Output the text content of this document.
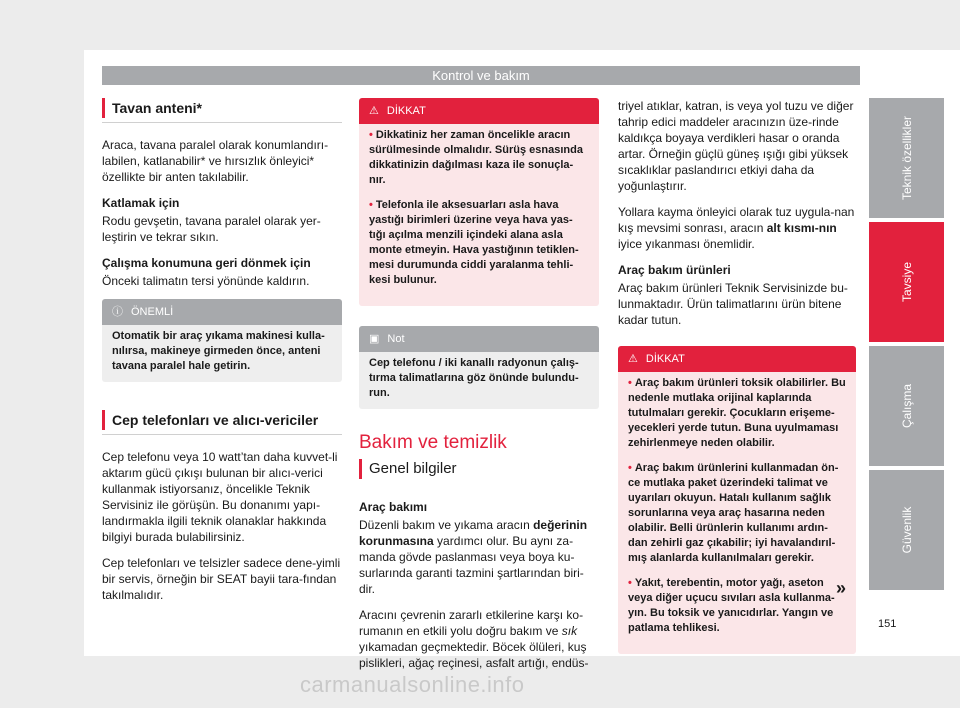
Kontrol ve bakım
Tavan anteni*

Araca, tavana paralel olarak konumlandırı-labilen, katlanabilir* ve hırsızlık önleyici* özellikte bir anten takılabilir.

Katlamak için

Rodu gevşetin, tavana paralel olarak yer-leştirin ve tekrar sıkın.

Çalışma konumuna geri dönmek için

Önceki talimatın tersi yönünde kaldırın.

ⓘ ÖNEMLİ
Otomatik bir araç yıkama makinesi kulla-nılırsa, makineye girmeden önce, anteni tavana paralel hale getirin.
Cep telefonları ve alıcı-vericiler

Cep telefonu veya 10 watt’tan daha kuvvet-li aktarım gücü çıkışı bulunan bir alıcı-verici kullanmak istiyorsanız, öncelikle Teknik Servisiniz ile görüşün. Bu donanımı yapı-landırmakla ilgili teknik olanaklar hakkında bilgiyi burada bulabilirsiniz.

Cep telefonları ve telsizler sadece dene-yimli bir servis, örneğin bir SEAT bayii tara-fından takılmalıdır.

⚠ DİKKAT

• Dikkatiniz her zaman öncelikle aracın sürülmesinde olmalıdır. Sürüş esnasında dikkatinizin dağılması kaza ile sonuçla-nır.

• Telefonla ile aksesuarları asla hava yastığı birimleri üzerine veya hava yas-tığı açılma menzili içindeki alana asla monte etmeyin. Hava yastığının tetiklen-mesi durumunda ciddi yaralanma tehli-kesi bulunur.

▣ Not
Cep telefonu / iki kanallı radyonun çalış-tırma talimatlarına göz önünde bulundu-run.
Bakım ve temizlik
Genel bilgiler

Araç bakımı

Düzenli bakım ve yıkama aracın değerinin korunmasına yardımcı olur. Bu aynı za-manda gövde paslanması veya boya ku-surlarında garanti tazmini şartlarından biri-dir.

Aracını çevrenin zararlı etkilerine karşı ko-rumanın en etkili yolu doğru bakım ve sık yıkamadan geçmektedir. Böcek ölüleri, kuş pislikleri, ağaç reçinesi, asfalt artığı, endüs-

triyel atıklar, katran, is veya yol tuzu ve diğer tahrip edici maddeler aracınızın üze-rinde kaldıkça boyaya verdikleri hasar o oranda artar. Örneğin güçlü güneş ışığı gibi yüksek sıcaklıklar paslandırıcı etkiyi daha da yoğunlaştırır.

Yollara kayma önleyici olarak tuz uygula-nan kış mevsimi sonrası, aracın alt kısmı-nın iyice yıkanması önemlidir.

Araç bakım ürünleri

Araç bakım ürünleri Teknik Servisinizde bu-lunmaktadır. Ürün talimatlarını ürün bitene kadar tutun.

⚠ DİKKAT

• Araç bakım ürünleri toksik olabilirler. Bu nedenle mutlaka orijinal kaplarında tutulmaları gerekir. Çocukların erişeme-yecekleri yerde tutun. Buna uyulmaması zehirlenmeye neden olabilir.

• Araç bakım ürünlerini kullanmadan ön-ce mutlaka paket üzerindeki talimat ve uyarıları okuyun. Hatalı kullanım sağlık sorunlarına veya araç hasarına neden olabilir. Belli ürünlerin kullanımı ardın-dan zehirli gaz çıkabilir; iyi havalandırıl-mış alanlarda kullanılmaları gerekir.

• Yakıt, terebentin, motor yağı, aseton veya diğer uçucu sıvıları asla kullanma-yın. Bu toksik ve yanıcıdırlar. Yangın ve patlama tehlikesi.

»
Teknik özellikler
Tavsiye
Çalışma
Güvenlik
151
carmanualsonline.info
